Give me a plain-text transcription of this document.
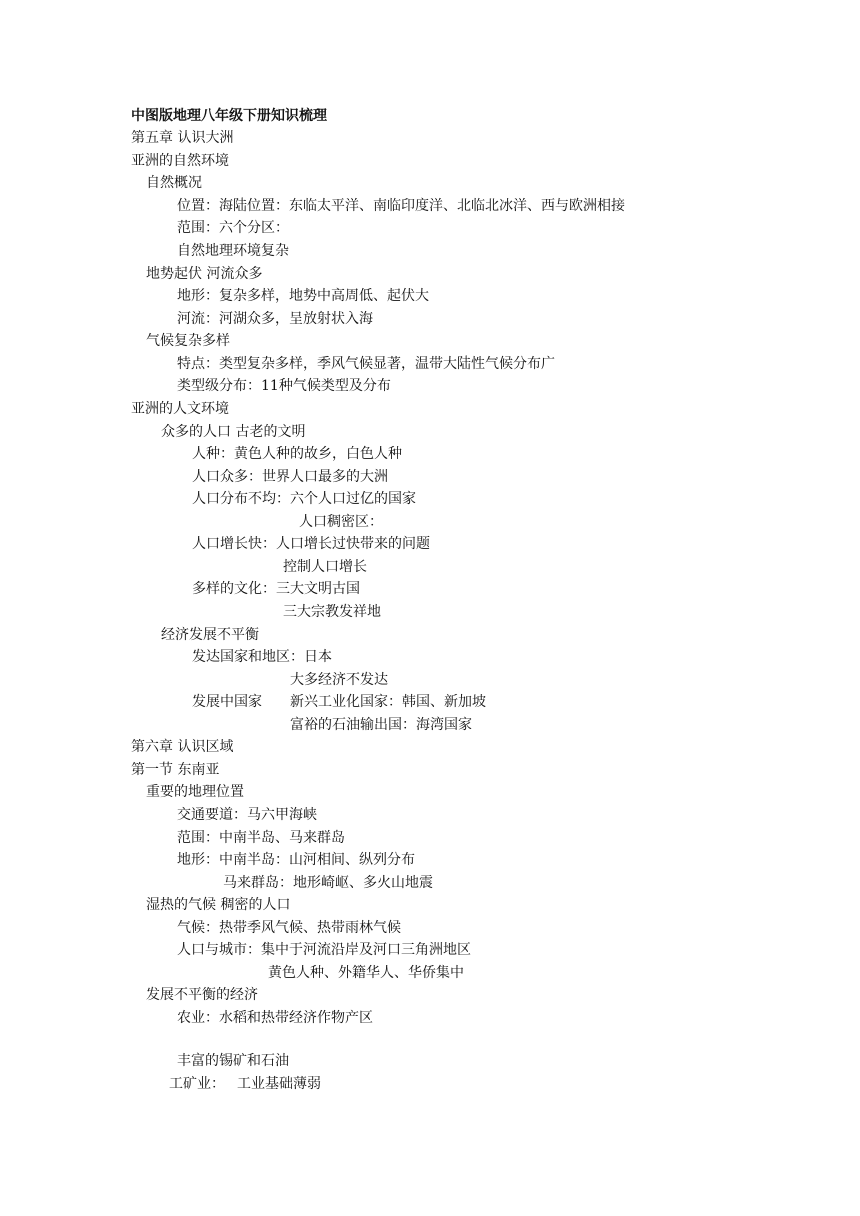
中图版地理八年级下册知识梳理
第五章 认识大洲
亚洲的自然环境
自然概况
位置：海陆位置：东临太平洋、南临印度洋、北临北冰洋、西与欧洲相接
范围：六个分区：
自然地理环境复杂
地势起伏 河流众多
地形：复杂多样，地势中高周低、起伏大
河流：河湖众多，呈放射状入海
气候复杂多样
特点：类型复杂多样，季风气候显著，温带大陆性气候分布广
类型级分布：11种气候类型及分布
亚洲的人文环境
众多的人口 古老的文明
人种：黄色人种的故乡，白色人种
人口众多：世界人口最多的大洲
人口分布不均：六个人口过亿的国家
人口稠密区：
人口增长快：人口增长过快带来的问题
控制人口增长
多样的文化：三大文明古国
三大宗教发祥地
经济发展不平衡
发达国家和地区：日本
大多经济不发达
发展中国家 新兴工业化国家：韩国、新加坡
富裕的石油输出国：海湾国家
第六章 认识区域
第一节 东南亚
重要的地理位置
交通要道：马六甲海峡
范围：中南半岛、马来群岛
地形：中南半岛：山河相间、纵列分布
马来群岛：地形崎岖、多火山地震
湿热的气候 稠密的人口
气候：热带季风气候、热带雨林气候
人口与城市：集中于河流沿岸及河口三角洲地区
黄色人种、外籍华人、华侨集中
发展不平衡的经济
农业：水稻和热带经济作物产区
丰富的锡矿和石油
工矿业： 工业基础薄弱
